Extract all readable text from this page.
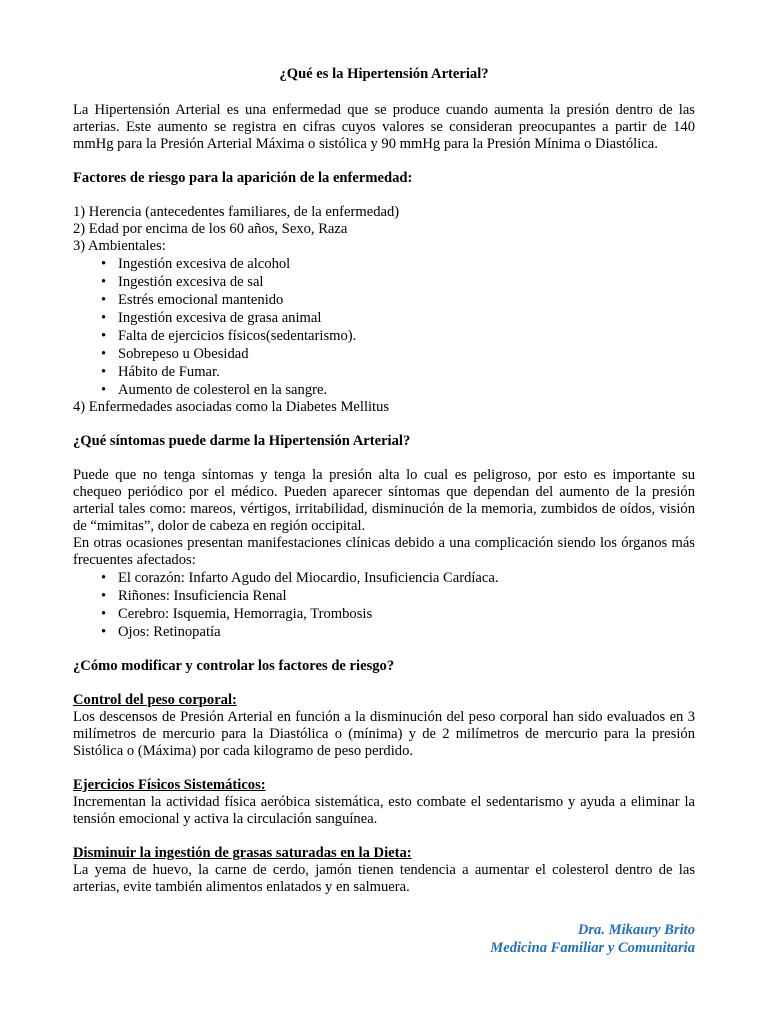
¿Qué es la Hipertensión Arterial?

La Hipertensión Arterial es una enfermedad que se produce cuando aumenta la presión dentro de las arterias. Este aumento se registra en cifras cuyos valores se consideran preocupantes a partir de 140 mmHg para la Presión Arterial Máxima o sistólica y 90 mmHg para la Presión Mínima o Diastólica.

Factores de riesgo para la aparición de la enfermedad:

1) Herencia (antecedentes familiares, de la enfermedad)

2) Edad por encima de los 60 años, Sexo, Raza

3) Ambientales:

• Ingestión excesiva de alcohol
• Ingestión excesiva de sal
• Estrés emocional mantenido
• Ingestión excesiva de grasa animal
• Falta de ejercicios físicos(sedentarismo).
• Sobrepeso u Obesidad
• Hábito de Fumar.
• Aumento de colesterol en la sangre.

4) Enfermedades asociadas como la Diabetes Mellitus

¿Qué síntomas puede darme la Hipertensión Arterial?

Puede que no tenga síntomas y tenga la presión alta lo cual es peligroso, por esto es importante su chequeo periódico por el médico. Pueden aparecer síntomas que dependan del aumento de la presión arterial tales como: mareos, vértigos, irritabilidad, disminución de la memoria, zumbidos de oídos, visión de “mimitas”, dolor de cabeza en región occipital.

En otras ocasiones presentan manifestaciones clínicas debido a una complicación siendo los órganos más frecuentes afectados:

• El corazón: Infarto Agudo del Miocardio, Insuficiencia Cardíaca.
• Riñones: Insuficiencia Renal
• Cerebro: Isquemia, Hemorragia, Trombosis
• Ojos: Retinopatía

¿Cómo modificar y controlar los factores de riesgo?

Control del peso corporal:

Los descensos de Presión Arterial en función a la disminución del peso corporal han sido evaluados en 3 milímetros de mercurio para la Diastólica o (mínima) y de 2 milímetros de mercurio para la presión Sistólica o (Máxima) por cada kilogramo de peso perdido.

Ejercicios Físicos Sistemáticos:

Incrementan la actividad física aeróbica sistemática, esto combate el sedentarismo y ayuda a eliminar la tensión emocional y activa la circulación sanguínea.

Disminuir la ingestión de grasas saturadas en la Dieta:

La yema de huevo, la carne de cerdo, jamón tienen tendencia a aumentar el colesterol dentro de las arterias, evite también alimentos enlatados y en salmuera.

Dra. Mikaury Brito
Medicina Familiar y Comunitaria
